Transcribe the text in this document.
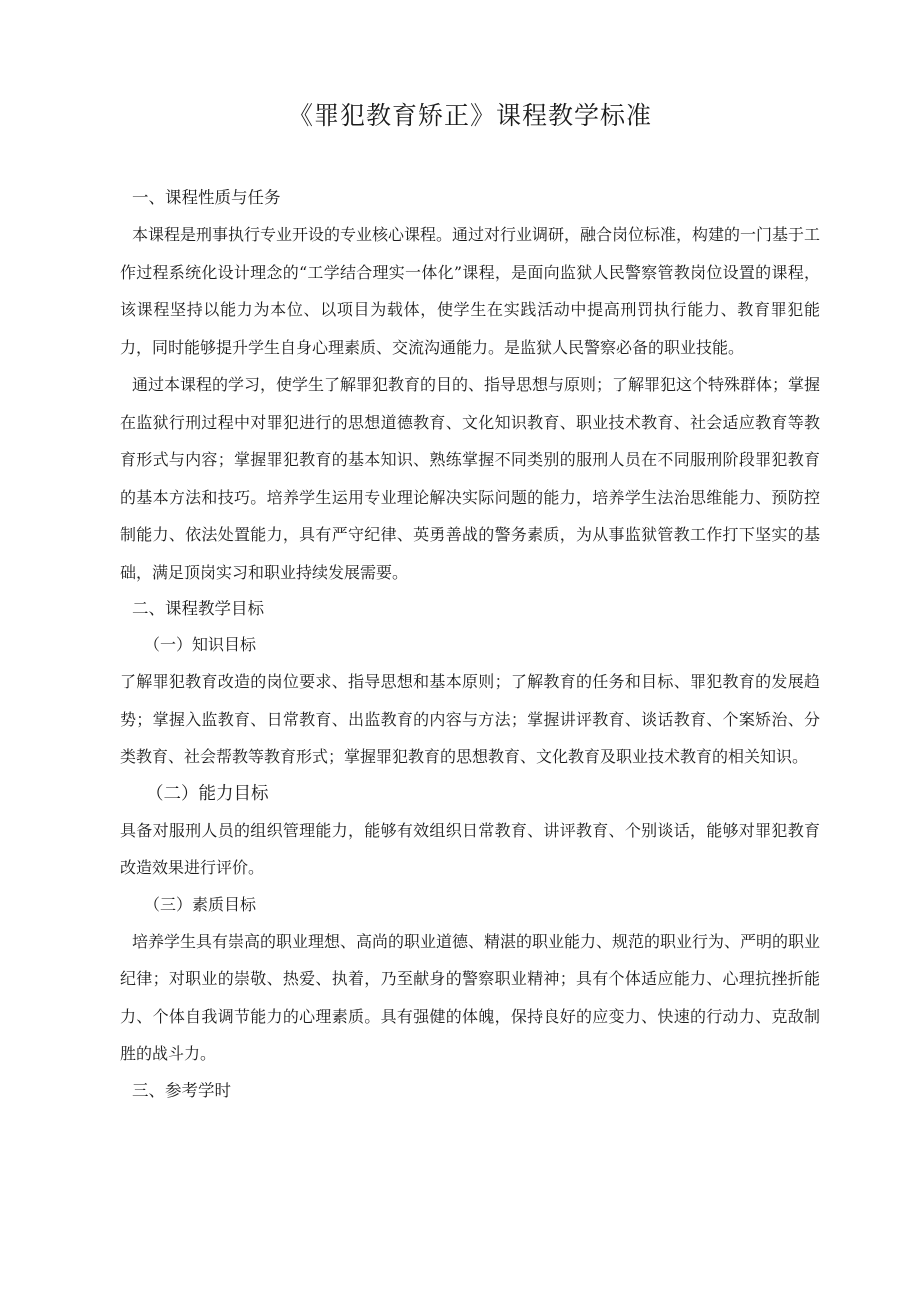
《罪犯教育矫正》课程教学标准

一、课程性质与任务

本课程是刑事执行专业开设的专业核心课程。通过对行业调研，融合岗位标准，构建的一门基于工作过程系统化设计理念的“工学结合理实一体化”课程，是面向监狱人民警察管教岗位设置的课程，该课程坚持以能力为本位、以项目为载体，使学生在实践活动中提高刑罚执行能力、教育罪犯能力，同时能够提升学生自身心理素质、交流沟通能力。是监狱人民警察必备的职业技能。

通过本课程的学习，使学生了解罪犯教育的目的、指导思想与原则；了解罪犯这个特殊群体；掌握在监狱行刑过程中对罪犯进行的思想道德教育、文化知识教育、职业技术教育、社会适应教育等教育形式与内容；掌握罪犯教育的基本知识、熟练掌握不同类别的服刑人员在不同服刑阶段罪犯教育的基本方法和技巧。培养学生运用专业理论解决实际问题的能力，培养学生法治思维能力、预防控制能力、依法处置能力，具有严守纪律、英勇善战的警务素质，为从事监狱管教工作打下坚实的基础，满足顶岗实习和职业持续发展需要。

二、课程教学目标

（一）知识目标

了解罪犯教育改造的岗位要求、指导思想和基本原则；了解教育的任务和目标、罪犯教育的发展趋势；掌握入监教育、日常教育、出监教育的内容与方法；掌握讲评教育、谈话教育、个案矫治、分类教育、社会帮教等教育形式；掌握罪犯教育的思想教育、文化教育及职业技术教育的相关知识。

（二）能力目标

具备对服刑人员的组织管理能力，能够有效组织日常教育、讲评教育、个别谈话，能够对罪犯教育改造效果进行评价。

（三）素质目标

培养学生具有崇高的职业理想、高尚的职业道德、精湛的职业能力、规范的职业行为、严明的职业纪律；对职业的崇敬、热爱、执着，乃至献身的警察职业精神；具有个体适应能力、心理抗挫折能力、个体自我调节能力的心理素质。具有强健的体魄，保持良好的应变力、快速的行动力、克敌制胜的战斗力。

三、参考学时
